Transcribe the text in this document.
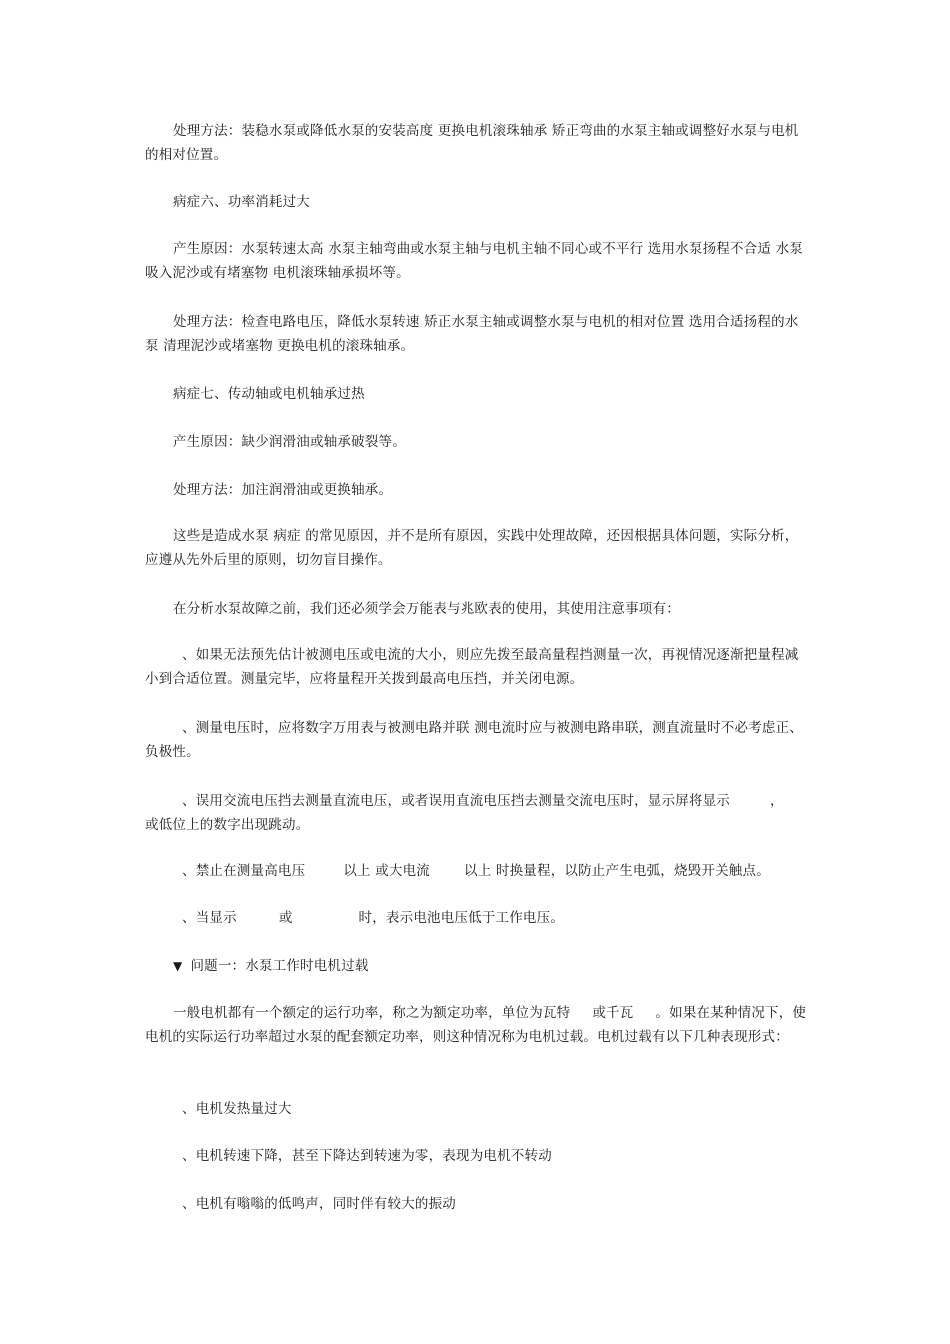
处理方法：装稳水泵或降低水泵的安装高度 更换电机滚珠轴承 矫正弯曲的水泵主轴或调整好水泵与电机的相对位置。

病症六、功率消耗过大

产生原因：水泵转速太高 水泵主轴弯曲或水泵主轴与电机主轴不同心或不平行 选用水泵扬程不合适 水泵吸入泥沙或有堵塞物 电机滚珠轴承损坏等。

处理方法：检查电路电压，降低水泵转速 矫正水泵主轴或调整水泵与电机的相对位置 选用合适扬程的水泵 清理泥沙或堵塞物 更换电机的滚珠轴承。

病症七、传动轴或电机轴承过热

产生原因：缺少润滑油或轴承破裂等。

处理方法：加注润滑油或更换轴承。

这些是造成水泵 病症 的常见原因，并不是所有原因，实践中处理故障，还因根据具体问题，实际分析，应遵从先外后里的原则，切勿盲目操作。

在分析水泵故障之前，我们还必须学会万能表与兆欧表的使用，其使用注意事项有：

、如果无法预先估计被测电压或电流的大小，则应先拨至最高量程挡测量一次，再视情况逐渐把量程减小到合适位置。测量完毕，应将量程开关拨到最高电压挡，并关闭电源。

、测量电压时，应将数字万用表与被测电路并联 测电流时应与被测电路串联，测直流量时不必考虑正、负极性。

、误用交流电压挡去测量直流电压，或者误用直流电压挡去测量交流电压时，显示屏将显示	，
或低位上的数字出现跳动。

、禁止在测量高电压	以上 或大电流	以上 时换量程，以防止产生电弧，烧毁开关触点。

、当显示	或	时，表示电池电压低于工作电压。

▼ 问题一：水泵工作时电机过载

一般电机都有一个额定的运行功率，称之为额定功率，单位为瓦特 或千瓦 。如果在某种情况下，使电机的实际运行功率超过水泵的配套额定功率，则这种情况称为电机过载。电机过载有以下几种表现形式：

、电机发热量过大

、电机转速下降，甚至下降达到转速为零，表现为电机不转动

、电机有嗡嗡的低鸣声，同时伴有较大的振动
